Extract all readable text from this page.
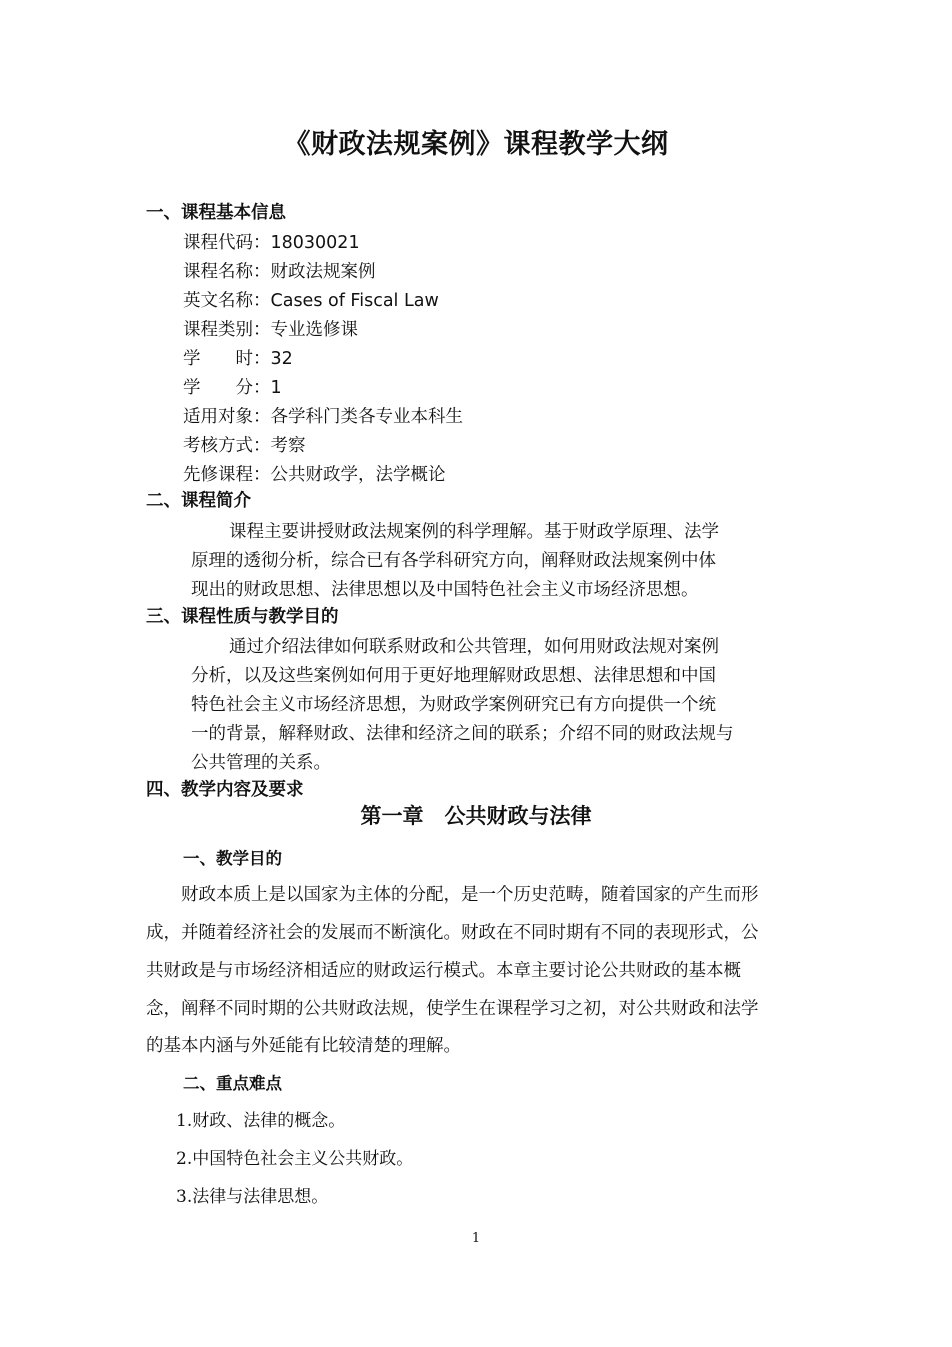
《财政法规案例》课程教学大纲
一、课程基本信息
课程代码：18030021
课程名称：财政法规案例
英文名称：Cases of Fiscal Law
课程类别：专业选修课
学　　时：32
学　　分：1
适用对象：各学科门类各专业本科生
考核方式：考察
先修课程：公共财政学，法学概论
二、课程简介
课程主要讲授财政法规案例的科学理解。基于财政学原理、法学
原理的透彻分析，综合已有各学科研究方向，阐释财政法规案例中体
现出的财政思想、法律思想以及中国特色社会主义市场经济思想。
三、课程性质与教学目的
通过介绍法律如何联系财政和公共管理，如何用财政法规对案例
分析，以及这些案例如何用于更好地理解财政思想、法律思想和中国
特色社会主义市场经济思想，为财政学案例研究已有方向提供一个统
一的背景，解释财政、法律和经济之间的联系；介绍不同的财政法规与
公共管理的关系。
四、教学内容及要求
第一章　公共财政与法律
一、教学目的
财政本质上是以国家为主体的分配，是一个历史范畴，随着国家的产生而形
成，并随着经济社会的发展而不断演化。财政在不同时期有不同的表现形式，公
共财政是与市场经济相适应的财政运行模式。本章主要讨论公共财政的基本概
念，阐释不同时期的公共财政法规，使学生在课程学习之初，对公共财政和法学
的基本内涵与外延能有比较清楚的理解。
二、重点难点
1.财政、法律的概念。
2.中国特色社会主义公共财政。
3.法律与法律思想。
1
